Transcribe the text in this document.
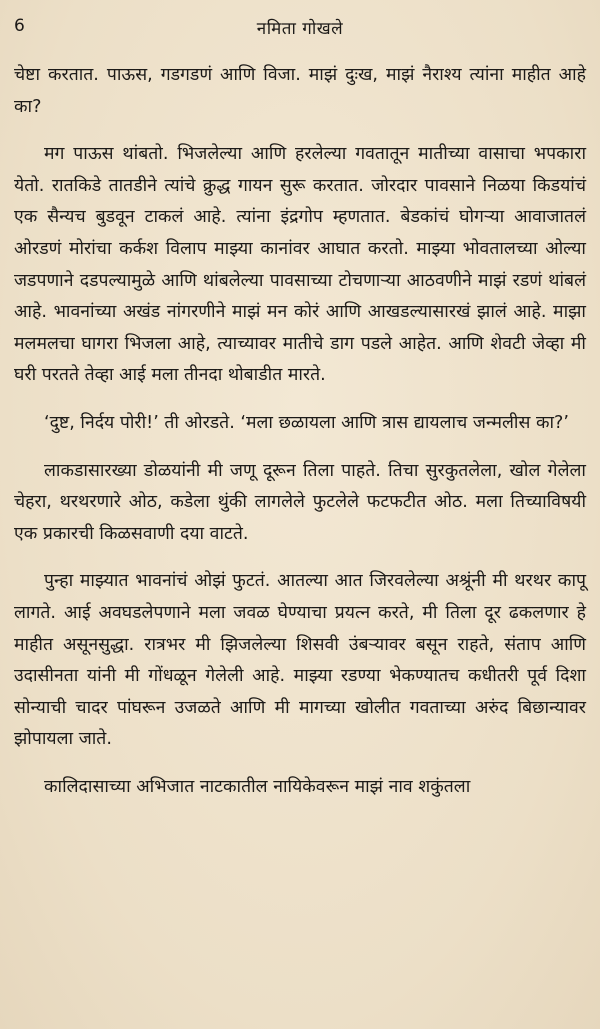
6	नमिता गोखले

चेष्टा करतात. पाऊस, गडगडणं आणि विजा. माझं दुःख, माझं नैराश्य त्यांना माहीत आहे का?

मग पाऊस थांबतो. भिजलेल्या आणि हरलेल्या गवतातून मातीच्या वासाचा भपकारा येतो. रातकिडे तातडीने त्यांचे क्रुद्ध गायन सुरू करतात. जोरदार पावसाने निळया किडयांचं एक सैन्यच बुडवून टाकलं आहे. त्यांना इंद्रगोप म्हणतात. बेडकांचं घोगऱ्या आवाजातलं ओरडणं मोरांचा कर्कश विलाप माझ्या कानांवर आघात करतो. माझ्या भोवतालच्या ओल्या जडपणाने दडपल्यामुळे आणि थांबलेल्या पावसाच्या टोचणाऱ्या आठवणीने माझं रडणं थांबलं आहे. भावनांच्या अखंड नांगरणीने माझं मन कोरं आणि आखडल्यासारखं झालं आहे. माझा मलमलचा घागरा भिजला आहे, त्याच्यावर मातीचे डाग पडले आहेत. आणि शेवटी जेव्हा मी घरी परतते तेव्हा आई मला तीनदा थोबाडीत मारते.

‘दुष्ट, निर्दय पोरी!’ ती ओरडते. ‘मला छळायला आणि त्रास द्यायलाच जन्मलीस का?’

लाकडासारख्या डोळयांनी मी जणू दूरून तिला पाहते. तिचा सुरकुतलेला, खोल गेलेला चेहरा, थरथरणारे ओठ, कडेला थुंकी लागलेले फुटलेले फटफटीत ओठ. मला तिच्याविषयी एक प्रकारची किळसवाणी दया वाटते.

पुन्हा माझ्यात भावनांचं ओझं फुटतं. आतल्या आत जिरवलेल्या अश्रूंनी मी थरथर कापू लागते. आई अवघडलेपणाने मला जवळ घेण्याचा प्रयत्न करते, मी तिला दूर ढकलणार हे माहीत असूनसुद्धा. रात्रभर मी झिजलेल्या शिसवी उंबऱ्यावर बसून राहते, संताप आणि उदासीनता यांनी मी गोंधळून गेलेली आहे. माझ्या रडण्या भेकण्यातच कधीतरी पूर्व दिशा सोन्याची चादर पांघरून उजळते आणि मी मागच्या खोलीत गवताच्या अरुंद बिछान्यावर झोपायला जाते.

कालिदासाच्या अभिजात नाटकातील नायिकेवरून माझं नाव शकुंतला
